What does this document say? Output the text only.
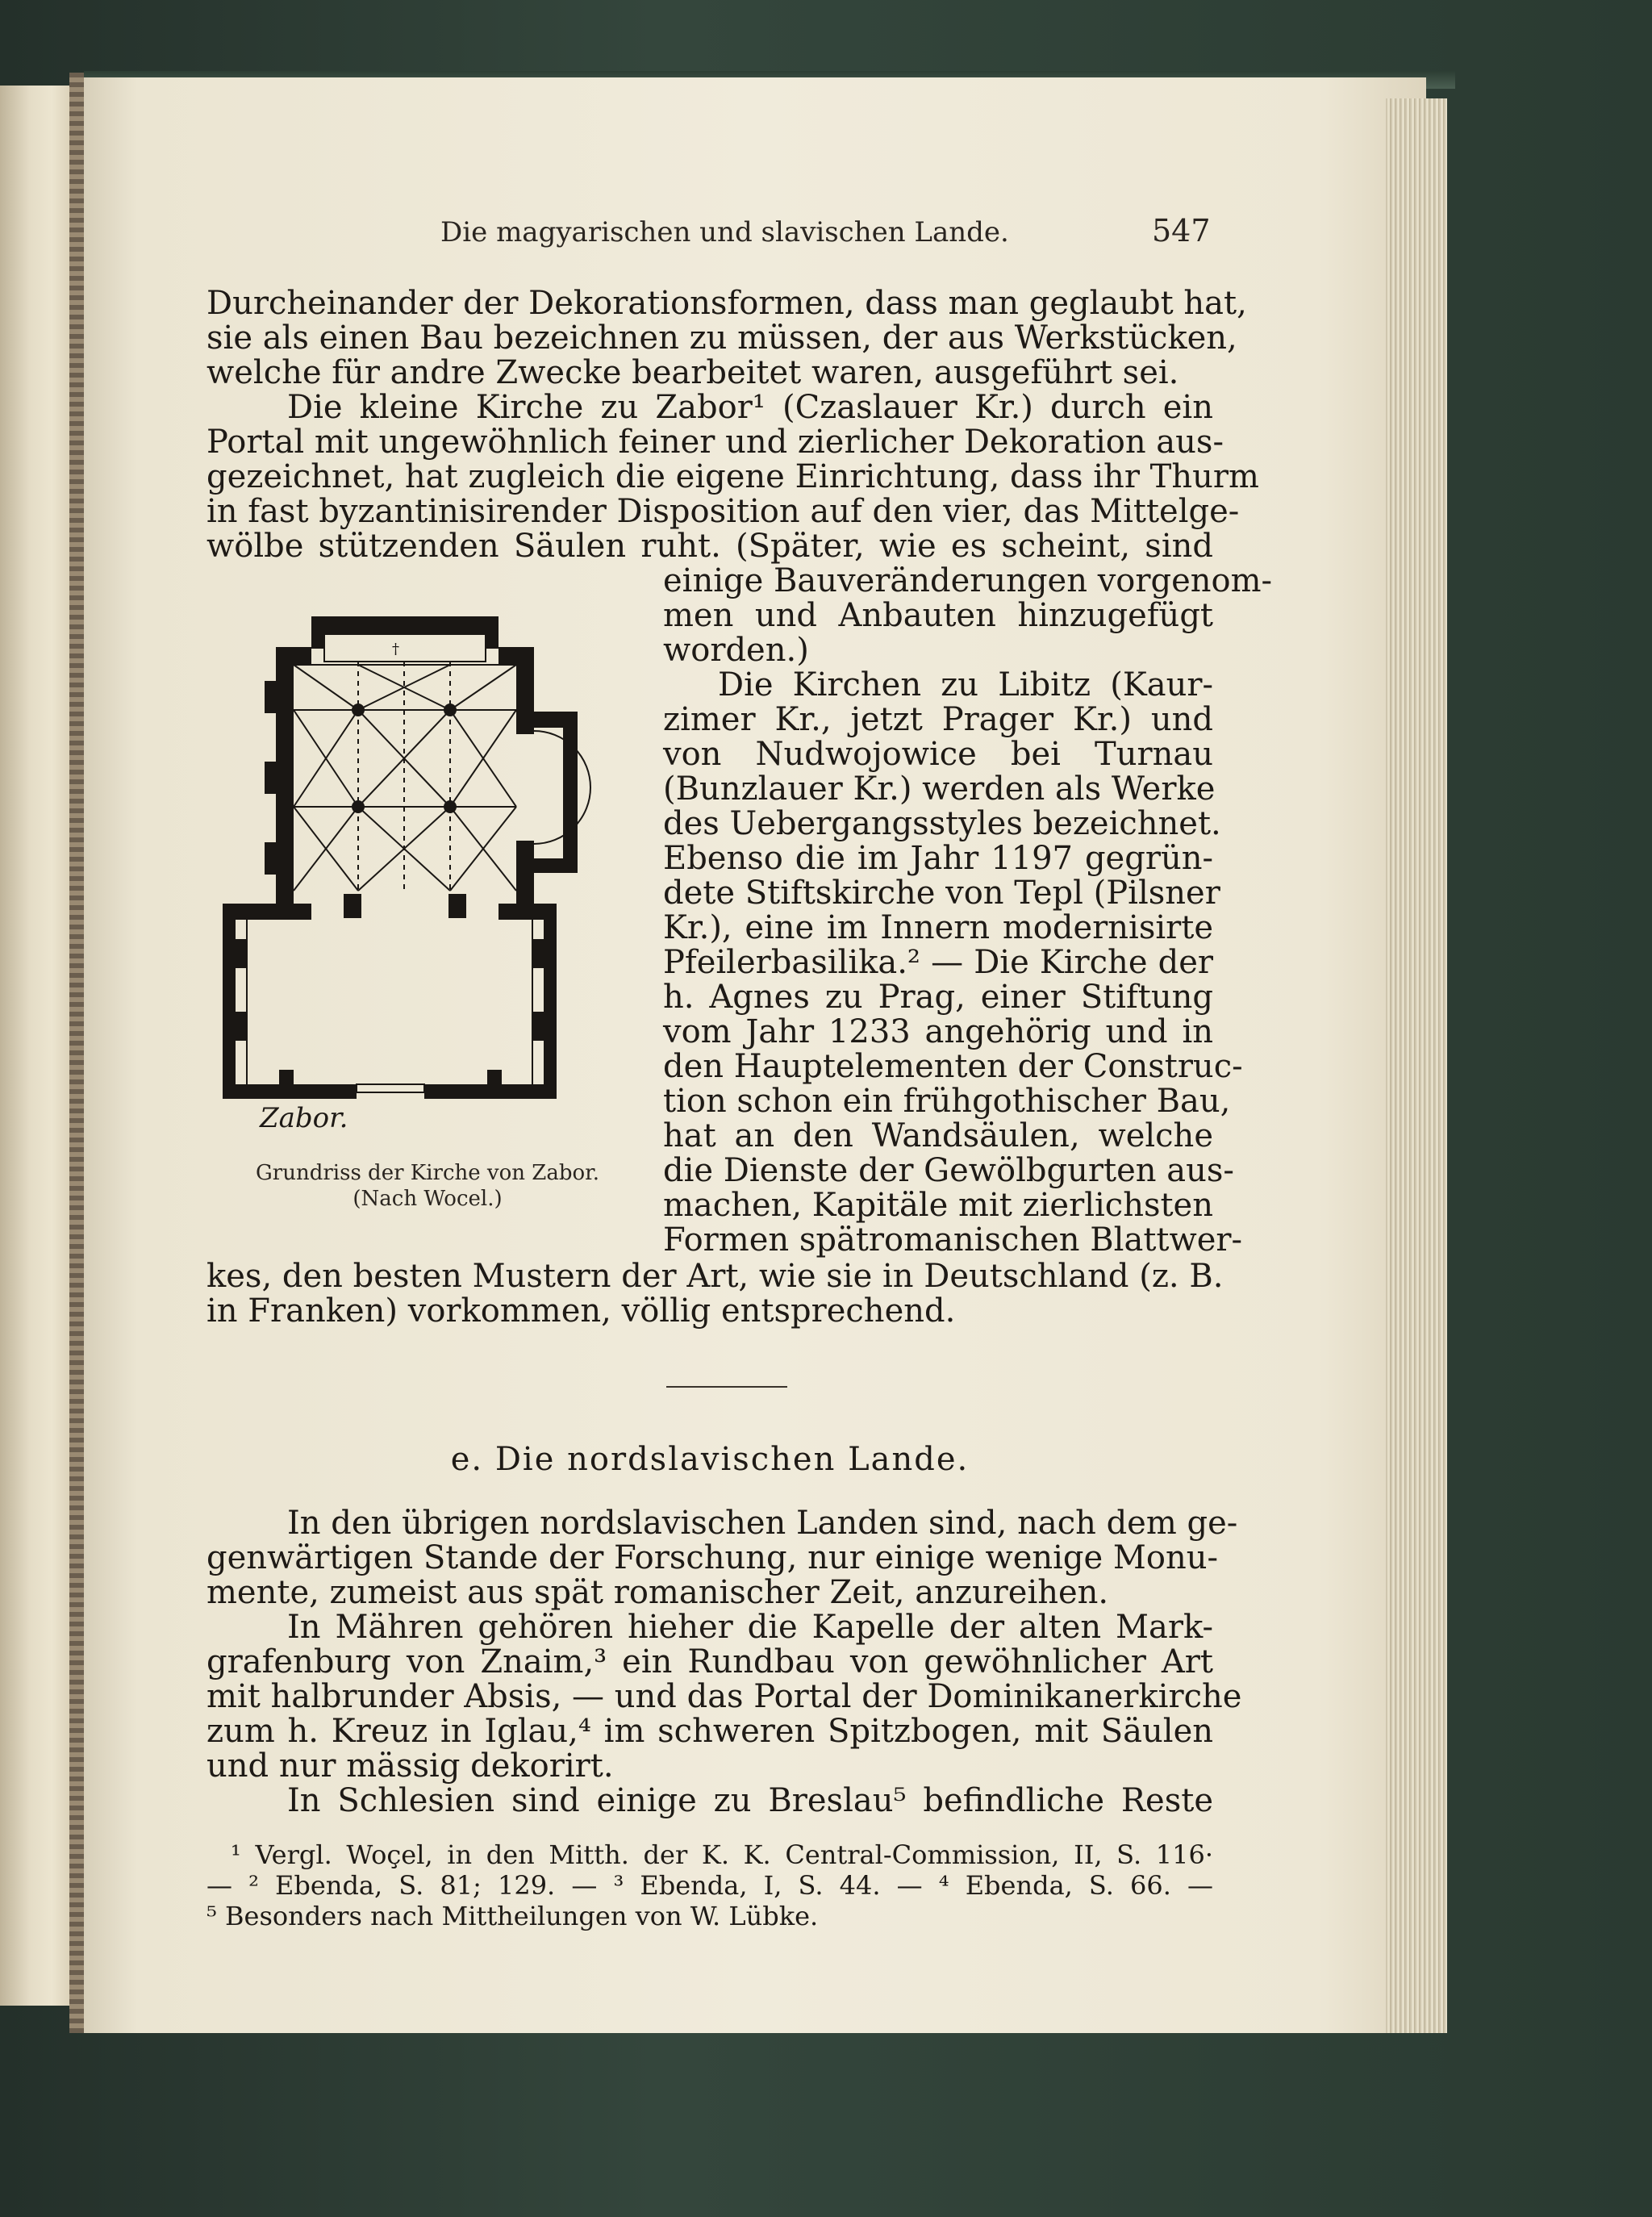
Die magyarischen und slavischen Lande.	547
Durcheinander der Dekorationsformen, dass man geglaubt hat,
sie als einen Bau bezeichnen zu müssen, der aus Werkstücken,
welche für andre Zwecke bearbeitet waren, ausgeführt sei.
Die kleine Kirche zu Zabor¹ (Czaslauer Kr.) durch ein
Portal mit ungewöhnlich feiner und zierlicher Dekoration aus-
gezeichnet, hat zugleich die eigene Einrichtung, dass ihr Thurm
in fast byzantinisirender Disposition auf den vier, das Mittelge-
wölbe stützenden Säulen ruht. (Später, wie es scheint, sind
einige Bauveränderungen vorgenom-
men und Anbauten hinzugefügt
worden.)
Die Kirchen zu Libitz (Kaur-
zimer Kr., jetzt Prager Kr.) und
von Nudwojowice bei Turnau
(Bunzlauer Kr.) werden als Werke
des Uebergangsstyles bezeichnet.
Ebenso die im Jahr 1197 gegrün-
dete Stiftskirche von Tepl (Pilsner
Kr.), eine im Innern modernisirte
Pfeilerbasilika.² — Die Kirche der
h. Agnes zu Prag, einer Stiftung
vom Jahr 1233 angehörig und in
den Hauptelementen der Construc-
tion schon ein frühgothischer Bau,
hat an den Wandsäulen, welche
die Dienste der Gewölbgurten aus-
machen, Kapitäle mit zierlichsten
Formen spätromanischen Blattwer-
†
Zabor.
Grundriss der Kirche von Zabor.
(Nach Wocel.)
kes, den besten Mustern der Art, wie sie in Deutschland (z. B.
in Franken) vorkommen, völlig entsprechend.
e. Die nordslavischen Lande.
In den übrigen nordslavischen Landen sind, nach dem ge-
genwärtigen Stande der Forschung, nur einige wenige Monu-
mente, zumeist aus spät romanischer Zeit, anzureihen.
In Mähren gehören hieher die Kapelle der alten Mark-
grafenburg von Znaim,³ ein Rundbau von gewöhnlicher Art
mit halbrunder Absis, — und das Portal der Dominikanerkirche
zum h. Kreuz in Iglau,⁴ im schweren Spitzbogen, mit Säulen
und nur mässig dekorirt.
In Schlesien sind einige zu Breslau⁵ befindliche Reste
¹ Vergl. Woçel, in den Mitth. der K. K. Central-Commission, II, S. 116·
— ² Ebenda, S. 81; 129. — ³ Ebenda, I, S. 44. — ⁴ Ebenda, S. 66. —
⁵ Besonders nach Mittheilungen von W. Lübke.
